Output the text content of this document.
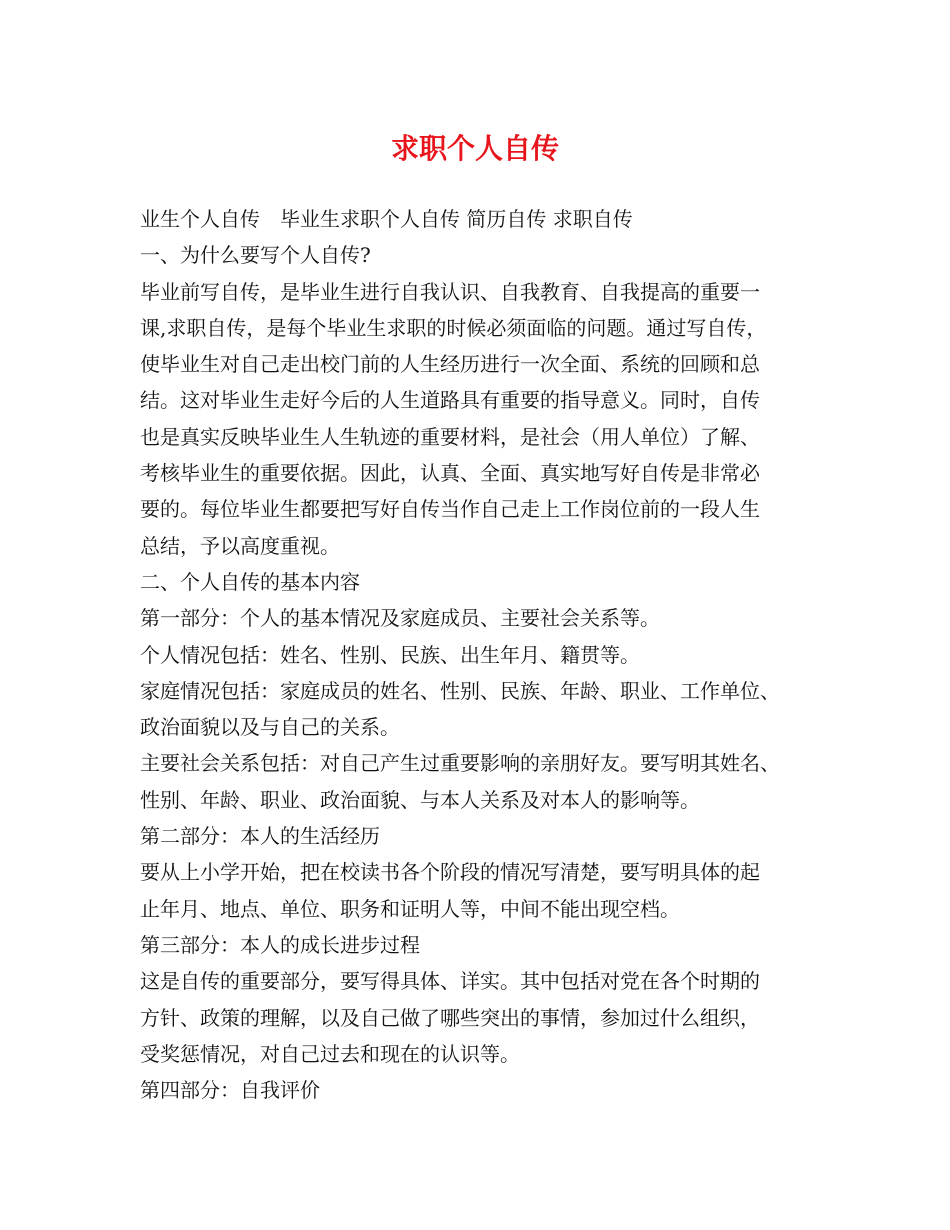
求职个人自传
业生个人自传　毕业生求职个人自传 简历自传 求职自传
一、为什么要写个人自传?
毕业前写自传，是毕业生进行自我认识、自我教育、自我提高的重要一
课,求职自传，是每个毕业生求职的时候必须面临的问题。通过写自传，
使毕业生对自己走出校门前的人生经历进行一次全面、系统的回顾和总
结。这对毕业生走好今后的人生道路具有重要的指导意义。同时，自传
也是真实反映毕业生人生轨迹的重要材料，是社会（用人单位）了解、
考核毕业生的重要依据。因此，认真、全面、真实地写好自传是非常必
要的。每位毕业生都要把写好自传当作自己走上工作岗位前的一段人生
总结，予以高度重视。
二、个人自传的基本内容
第一部分：个人的基本情况及家庭成员、主要社会关系等。
个人情况包括：姓名、性别、民族、出生年月、籍贯等。
家庭情况包括：家庭成员的姓名、性别、民族、年龄、职业、工作单位、
政治面貌以及与自己的关系。
主要社会关系包括：对自己产生过重要影响的亲朋好友。要写明其姓名、
性别、年龄、职业、政治面貌、与本人关系及对本人的影响等。
第二部分：本人的生活经历
要从上小学开始，把在校读书各个阶段的情况写清楚，要写明具体的起
止年月、地点、单位、职务和证明人等，中间不能出现空档。
第三部分：本人的成长进步过程
这是自传的重要部分，要写得具体、详实。其中包括对党在各个时期的
方针、政策的理解，以及自己做了哪些突出的事情，参加过什么组织，
受奖惩情况，对自己过去和现在的认识等。
第四部分：自我评价
